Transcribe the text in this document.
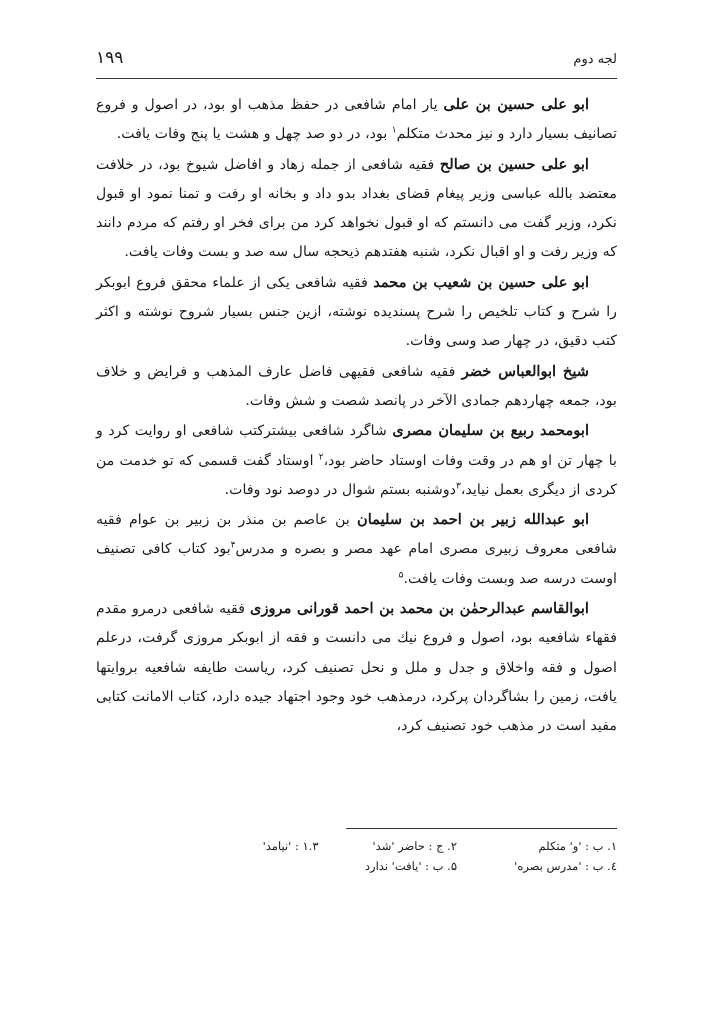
لجه دوم
۱۹۹

ابو علی حسین بن علی یار امام شافعی در حفظ مذهب او بود، در اصول و فروع تصانیف بسیار دارد و نیز محدث متکلم$^۱$ بود، در دو صد چهل و هشت یا پنج وفات یافت.

ابو علی حسین بن صالح فقیه شافعی از جمله زهاد و افاضل شیوخ بود، در خلافت معتضد بالله عباسی وزیر پیغام قضای بغداد بدو داد و بخانه او رفت و تمنا نمود او قبول نکرد، وزیر گفت می دانستم که او قبول نخواهد کرد من برای فخر او رفتم که مردم دانند که وزیر رفت و او اقبال نکرد، شنبه هفتدهم ذیحجه سال سه صد و بست وفات یافت.

ابو علی حسین بن شعیب بن محمد فقیه شافعی یکی از علماء محقق فروع ابوبکر را شرح و کتاب تلخیص را شرح پسندیده نوشته، ازین جنس بسیار شروح نوشته و اکثر کتب دقیق، در چهار صد وسی وفات.

شیخ ابوالعباس خضر فقیه شافعی فقیهی فاضل عارف المذهب و فرایض و خلاف بود، جمعه چهاردهم جمادی الآخر در پانصد شصت و شش وفات.

ابومحمد ربیع بن سلیمان مصری شاگرد شافعی بیشترکتب شافعی او روایت کرد و با چهار تن او هم در وقت وفات اوستاد حاضر بود،$^۲$ اوستاد گفت قسمی که تو خدمت من کردی از دیگری بعمل نیاید،$^۳$دوشنبه بستم شوال در دوصد نود وفات.

ابو عبدالله زبیر بن احمد بن سلیمان بن عاصم بن منذر بن زبیر بن عوام فقیه شافعی معروف زبیری مصری امام عهد مصر و بصره و مدرس$^۴$بود کتاب کافی تصنیف اوست درسه صد وبست وفات یافت.$^۵$

ابوالقاسم عبدالرحمٰن بن محمد بن احمد قورانی مروزی فقیه شافعی درمرو مقدم فقهاء شافعیه بود، اصول و فروع نیك می دانست و فقه از ابوبکر مروزی گرفت، درعلم اصول و فقه واخلاق و جدل و ملل و نحل تصنیف کرد، ریاست طایفه شافعیه بروایتها یافت، زمین را بشاگردان پرکرد، درمذهب خود وجود اجتهاد جیده دارد، کتاب الامانت کتابی مفید است در مذهب خود تصنیف کرد،

۱. ب : 'و' متکلم
۲. ج : حاضر 'شد'
۱.۳ : 'نیامد'
٤. ب : 'مدرس بصره'
۵. ب : 'یافت' ندارد
